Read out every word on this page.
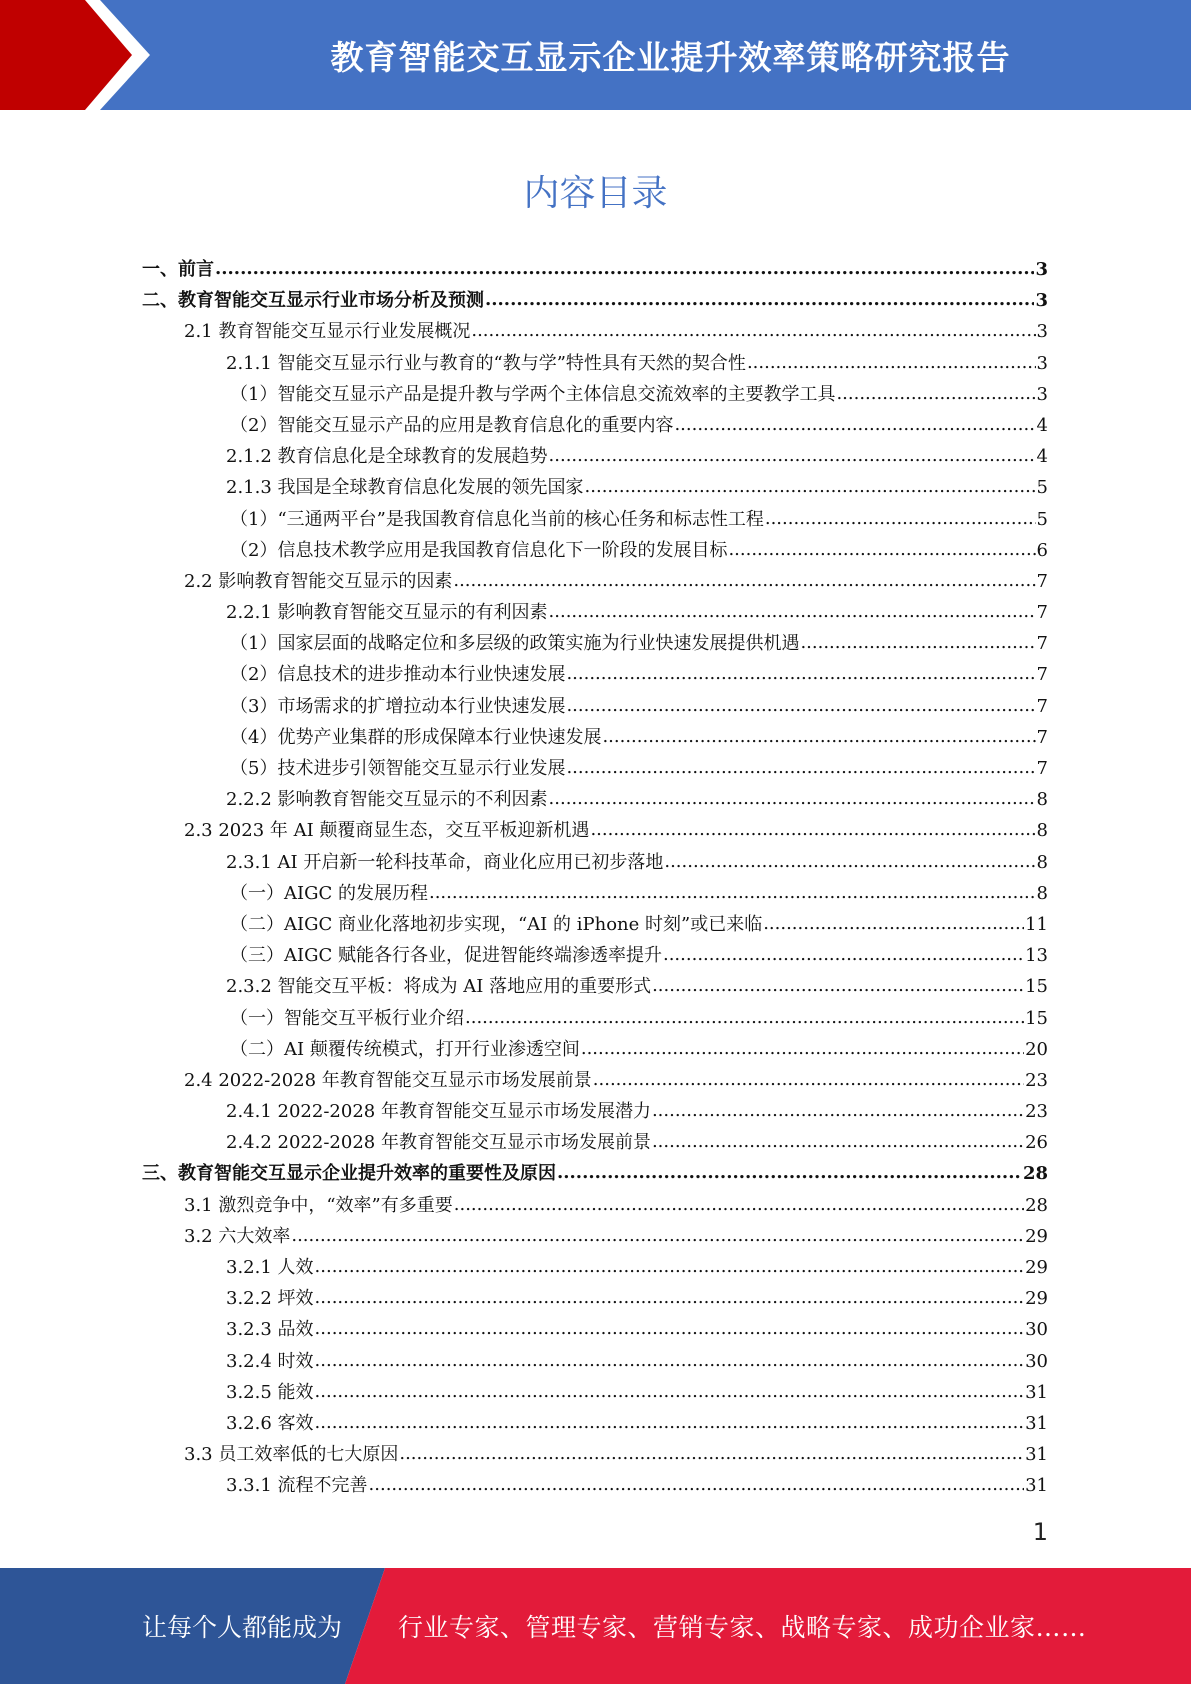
教育智能交互显示企业提升效率策略研究报告
内容目录
一、前言 .....	3
二、教育智能交互显示行业市场分析及预测 .....	3
2.1 教育智能交互显示行业发展概况 .....	3
2.1.1 智能交互显示行业与教育的“教与学”特性具有天然的契合性 .....	3
（1）智能交互显示产品是提升教与学两个主体信息交流效率的主要教学工具 .....	3
（2）智能交互显示产品的应用是教育信息化的重要内容 .....	4
2.1.2 教育信息化是全球教育的发展趋势 .....	4
2.1.3 我国是全球教育信息化发展的领先国家 .....	5
（1）“三通两平台”是我国教育信息化当前的核心任务和标志性工程 .....	5
（2）信息技术教学应用是我国教育信息化下一阶段的发展目标 .....	6
2.2 影响教育智能交互显示的因素 .....	7
2.2.1 影响教育智能交互显示的有利因素 .....	7
（1）国家层面的战略定位和多层级的政策实施为行业快速发展提供机遇 .....	7
（2）信息技术的进步推动本行业快速发展 .....	7
（3）市场需求的扩增拉动本行业快速发展 .....	7
（4）优势产业集群的形成保障本行业快速发展 .....	7
（5）技术进步引领智能交互显示行业发展 .....	7
2.2.2 影响教育智能交互显示的不利因素 .....	8
2.3 2023 年 AI 颠覆商显生态，交互平板迎新机遇 .....	8
2.3.1 AI 开启新一轮科技革命，商业化应用已初步落地 .....	8
（一）AIGC 的发展历程 .....	8
（二）AIGC 商业化落地初步实现，“AI 的 iPhone 时刻”或已来临 .....	11
（三）AIGC 赋能各行各业，促进智能终端渗透率提升 .....	13
2.3.2 智能交互平板：将成为 AI 落地应用的重要形式 .....	15
（一）智能交互平板行业介绍 .....	15
（二）AI 颠覆传统模式，打开行业渗透空间 .....	20
2.4 2022-2028 年教育智能交互显示市场发展前景 .....	23
2.4.1 2022-2028 年教育智能交互显示市场发展潜力 .....	23
2.4.2 2022-2028 年教育智能交互显示市场发展前景 .....	26
三、教育智能交互显示企业提升效率的重要性及原因 .....	28
3.1 激烈竞争中，“效率”有多重要 .....	28
3.2 六大效率 .....	29
3.2.1 人效 .....	29
3.2.2 坪效 .....	29
3.2.3 品效 .....	30
3.2.4 时效 .....	30
3.2.5 能效 .....	31
3.2.6 客效 .....	31
3.3 员工效率低的七大原因 .....	31
3.3.1 流程不完善 .....	31
1
让每个人都能成为 行业专家、管理专家、营销专家、战略专家、成功企业家……
